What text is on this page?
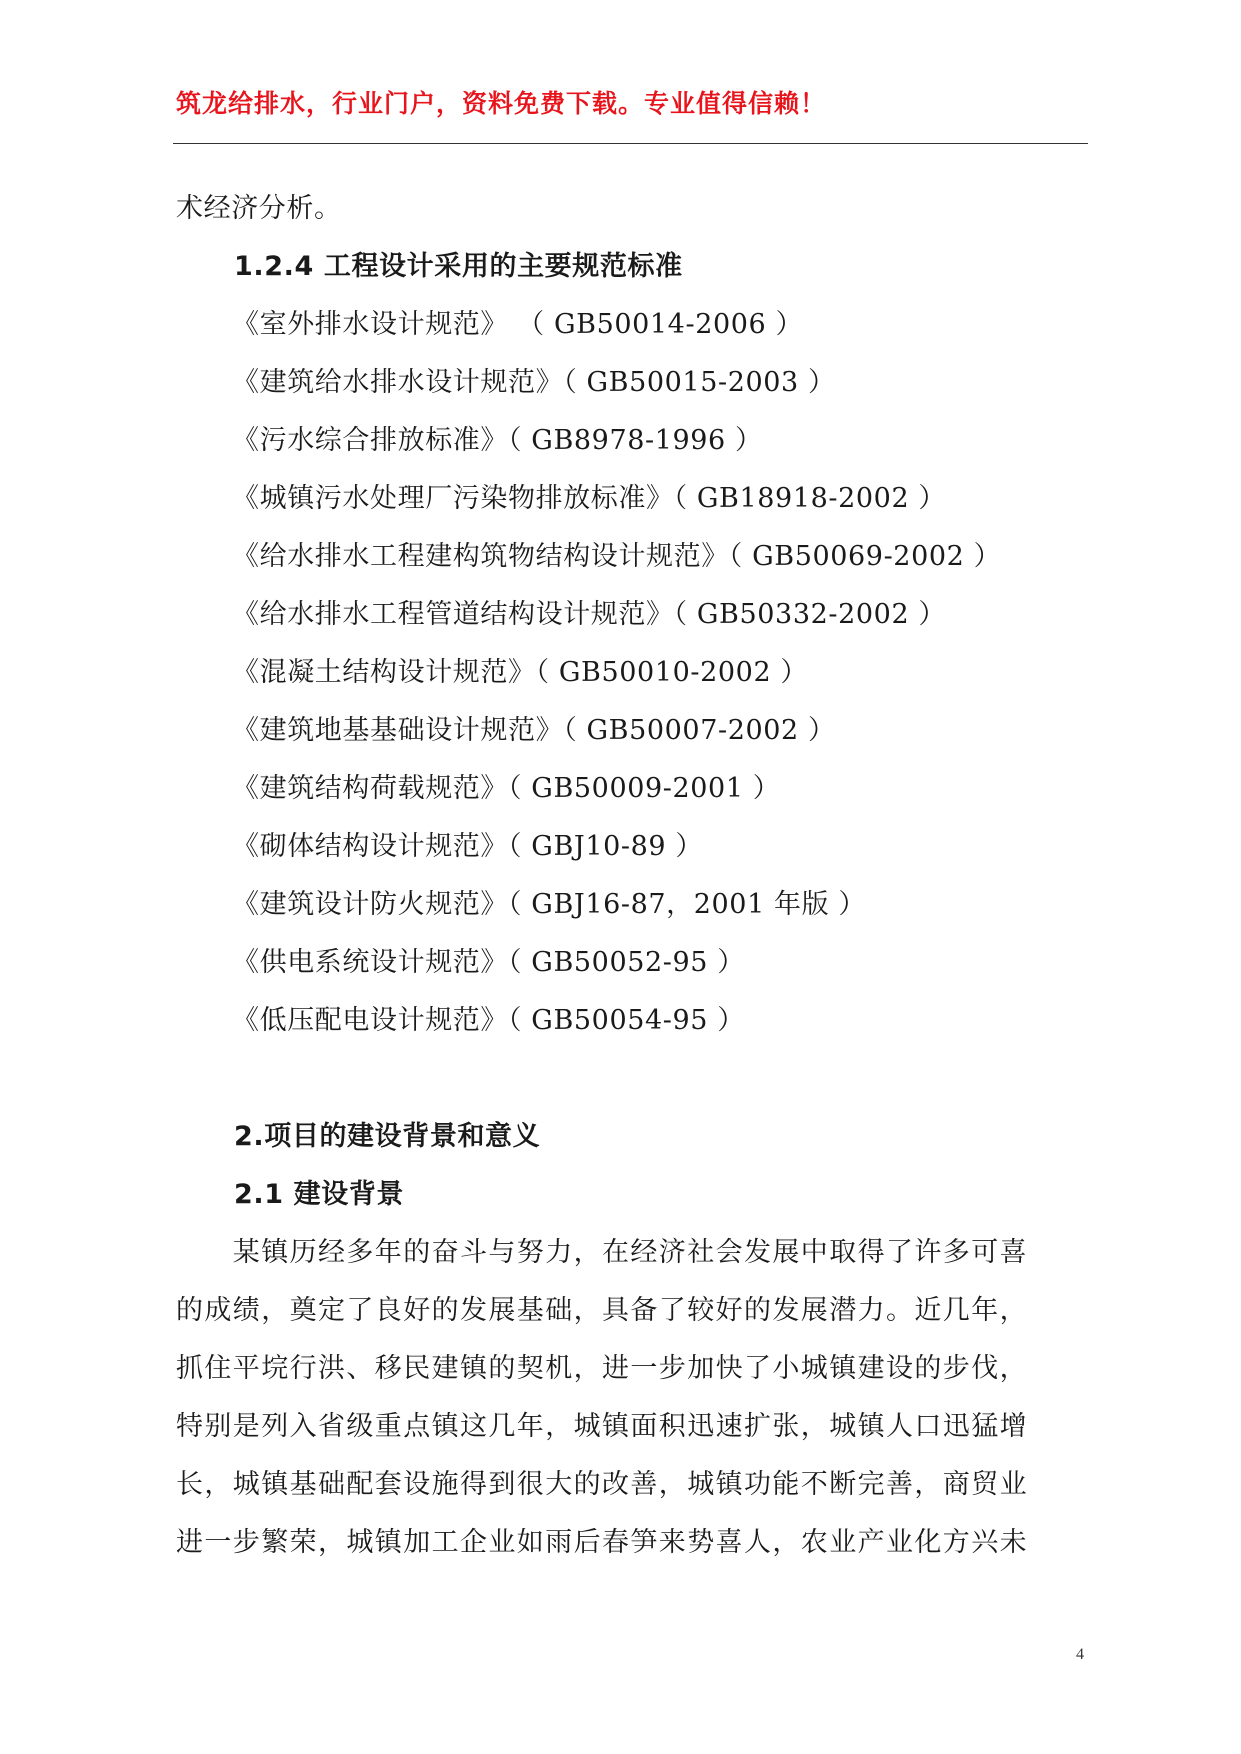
筑龙给排水，行业门户，资料免费下载。专业值得信赖！
术经济分析。
1.2.4 工程设计采用的主要规范标准
《室外排水设计规范》 （ GB50014-2006 ）
《建筑给水排水设计规范》（ GB50015-2003 ）
《污水综合排放标准》（ GB8978-1996 ）
《城镇污水处理厂污染物排放标准》（ GB18918-2002 ）
《给水排水工程建构筑物结构设计规范》（ GB50069-2002 ）
《给水排水工程管道结构设计规范》（ GB50332-2002 ）
《混凝土结构设计规范》（ GB50010-2002 ）
《建筑地基基础设计规范》（ GB50007-2002 ）
《建筑结构荷载规范》（ GB50009-2001 ）
《砌体结构设计规范》（ GBJ10-89 ）
《建筑设计防火规范》（ GBJ16-87，2001 年版 ）
《供电系统设计规范》（ GB50052-95 ）
《低压配电设计规范》（ GB50054-95 ）
2.项目的建设背景和意义
2.1 建设背景
　　某镇历经多年的奋斗与努力，在经济社会发展中取得了许多可喜
的成绩，奠定了良好的发展基础，具备了较好的发展潜力。近几年，
抓住平垸行洪、移民建镇的契机，进一步加快了小城镇建设的步伐，
特别是列入省级重点镇这几年，城镇面积迅速扩张，城镇人口迅猛增
长，城镇基础配套设施得到很大的改善，城镇功能不断完善，商贸业
进一步繁荣，城镇加工企业如雨后春笋来势喜人，农业产业化方兴未
4
